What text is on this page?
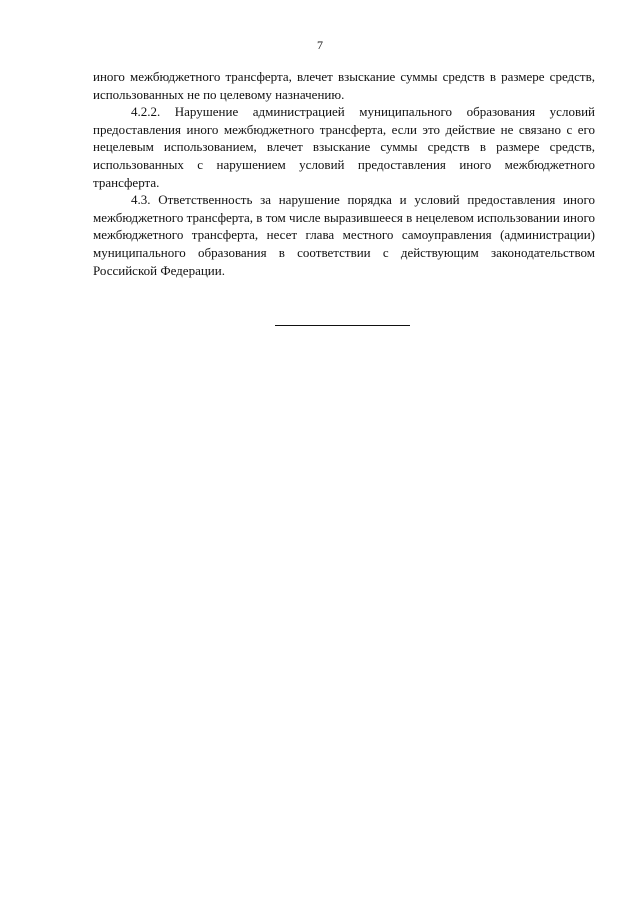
7

иного межбюджетного трансферта, влечет взыскание суммы средств в размере средств, использованных не по целевому назначению.

4.2.2. Нарушение администрацией муниципального образования условий предоставления иного межбюджетного трансферта, если это действие не связано с его нецелевым использованием, влечет взыскание суммы средств в размере средств, использованных с нарушением условий предоставления иного межбюджетного трансферта.

4.3. Ответственность за нарушение порядка и условий предоставления иного межбюджетного трансферта, в том числе выразившееся в нецелевом использовании иного межбюджетного трансферта, несет глава местного самоуправления (администрации) муниципального образования в соответствии с действующим законодательством Российской Федерации.
